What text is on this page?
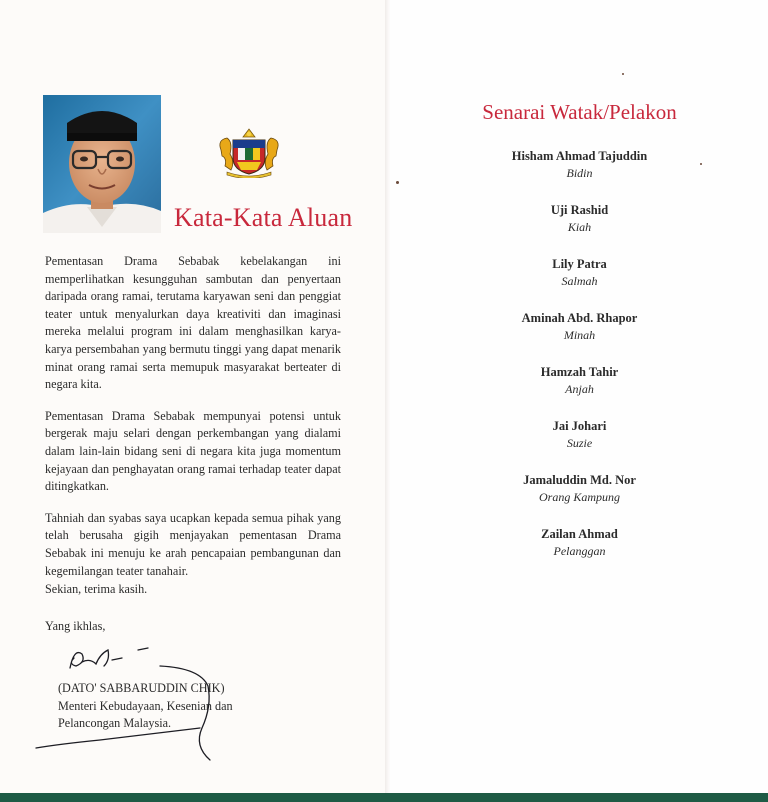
Kata-Kata Aluan

Pementasan Drama Sebabak kebelakangan ini memperlihatkan kesungguhan sambutan dan penyertaan daripada orang ramai, terutama karyawan seni dan penggiat teater untuk menyalurkan daya kreativiti dan imaginasi mereka melalui program ini dalam menghasilkan karya-karya persembahan yang bermutu tinggi yang dapat menarik minat orang ramai serta memupuk masyarakat berteater di negara kita.

Pementasan Drama Sebabak mempunyai potensi untuk bergerak maju selari dengan perkembangan yang dialami dalam lain-lain bidang seni di negara kita juga momentum kejayaan dan penghayatan orang ramai terhadap teater dapat ditingkatkan.

Tahniah dan syabas saya ucapkan kepada semua pihak yang telah berusaha gigih menjayakan pementasan Drama Sebabak ini menuju ke arah pencapaian pembangunan dan kegemilangan teater tanahair.

Sekian, terima kasih.

Yang ikhlas,

(DATO' SABBARUDDIN CHIK)
Menteri Kebudayaan, Kesenian dan
Pelancongan Malaysia.
Senarai Watak/Pelakon
Hisham Ahmad Tajuddin
Bidin
Uji Rashid
Kiah
Lily Patra
Salmah
Aminah Abd. Rhapor
Minah
Hamzah Tahir
Anjah
Jai Johari
Suzie
Jamaluddin Md. Nor
Orang Kampung
Zailan Ahmad
Pelanggan
